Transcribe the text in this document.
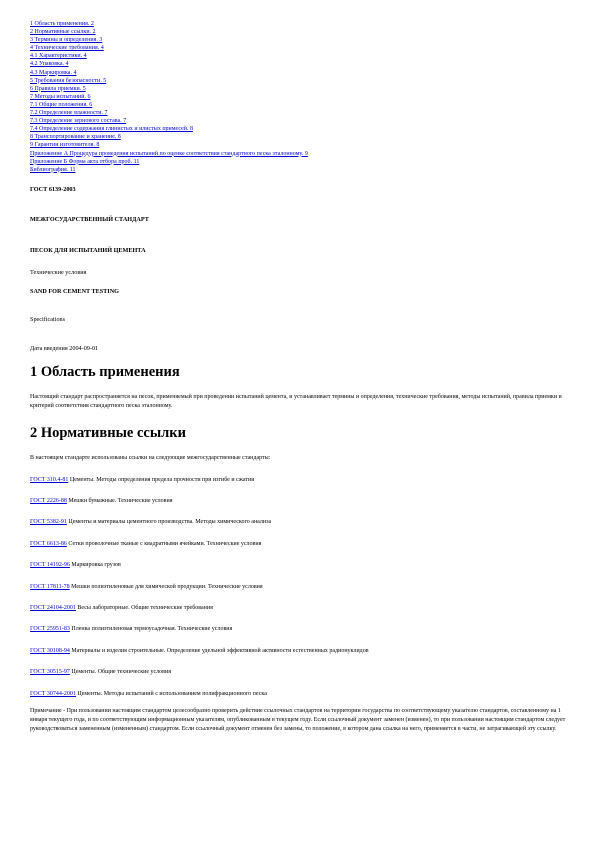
1 Область применения. 2
2 Нормативные ссылки. 2
3 Термины и определения. 3
4 Технические требования. 4
4.1 Характеристики. 4
4.2 Упаковка. 4
4.3 Маркировка. 4
5 Требования безопасности. 5
6 Правила приемки. 5
7 Методы испытаний. 6
7.1 Общие положения. 6
7.2 Определение влажности. 7
7.3 Определение зернового состава. 7
7.4 Определение содержания глинистых и илистых примесей. 8
8 Транспортирование и хранение. 8
9 Гарантии изготовителя. 8
Приложение А Процедура проведения испытаний по оценке соответствия стандартного песка эталонному. 9
Приложение Б Форма акта отбора проб. 11
Библиография. 11

ГОСТ 6139-2003

МЕЖГОСУДАРСТВЕННЫЙ СТАНДАРТ

ПЕСОК ДЛЯ ИСПЫТАНИЙ ЦЕМЕНТА

Технические условия

SAND FOR CEMENT TESTING

Specifications

Дата введения 2004-09-01

1 Область применения

Настоящий стандарт распространяется на песок, применяемый при проведении испытаний цемента, и устанавливает термины и определения, технические требования, методы испытаний, правила приемки и критерий соответствия стандартного песка эталонному.

2 Нормативные ссылки

В настоящем стандарте использованы ссылки на следующие межгосударственные стандарты:

ГОСТ 310.4-81 Цементы. Методы определения предела прочности при изгибе и сжатии

ГОСТ 2226-88 Мешки бумажные. Технические условия

ГОСТ 5382-91 Цементы и материалы цементного производства. Методы химического анализа

ГОСТ 6613-86 Сетки проволочные тканые с квадратными ячейками. Технические условия

ГОСТ 14192-96 Маркировка грузов

ГОСТ 17811-78 Мешки полиэтиленовые для химической продукции. Технические условия

ГОСТ 24104-2001 Весы лабораторные. Общие технические требования

ГОСТ 25951-83 Пленка полиэтиленовая термоусадочная. Технические условия

ГОСТ 30108-94 Материалы и изделия строительные. Определение удельной эффективной активности естественных радионуклидов

ГОСТ 30515-97 Цементы. Общие технические условия

ГОСТ 30744-2001 Цементы. Методы испытаний с использованием полифракционного песка

Примечание - При пользовании настоящим стандартом целесообразно проверить действие ссылочных стандартов на территории государства по соответствующему указателю стандартов, составленному на 1 января текущего года, и по соответствующим информационным указателям, опубликованным в текущем году. Если ссылочный документ заменен (изменен), то при пользовании настоящим стандартом следует руководствоваться замененным (измененным) стандартом. Если ссылочный документ отменен без замены, то положение, в котором дана ссылка на него, применяется в части, не затрагивающей эту ссылку.
